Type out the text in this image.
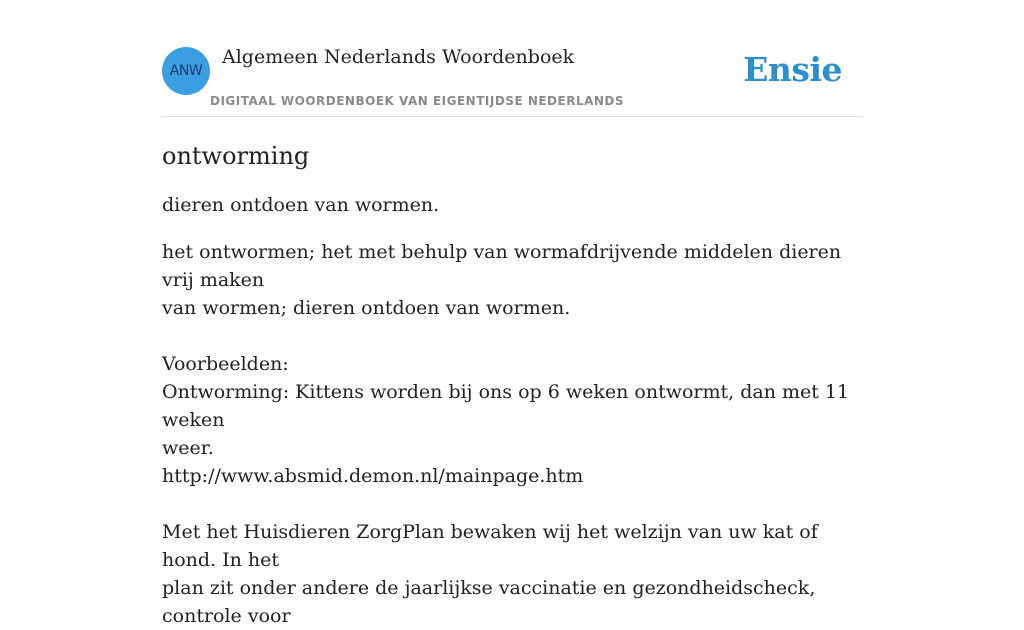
ANW
Algemeen Nederlands Woordenboek
DIGITAAL WOORDENBOEK VAN EIGENTIJDSE NEDERLANDS
Ensie
ontworming

dieren ontdoen van wormen.

het ontwormen; het met behulp van wormafdrijvende middelen dieren vrij maken
van wormen; dieren ontdoen van wormen.
Voorbeelden:
Ontworming: Kittens worden bij ons op 6 weken ontwormt, dan met 11 weken
weer.
http://www.absmid.demon.nl/mainpage.htm
Met het Huisdieren ZorgPlan bewaken wij het welzijn van uw kat of hond. In het
plan zit onder andere de jaarlijkse vaccinatie en gezondheidscheck, controle voor
